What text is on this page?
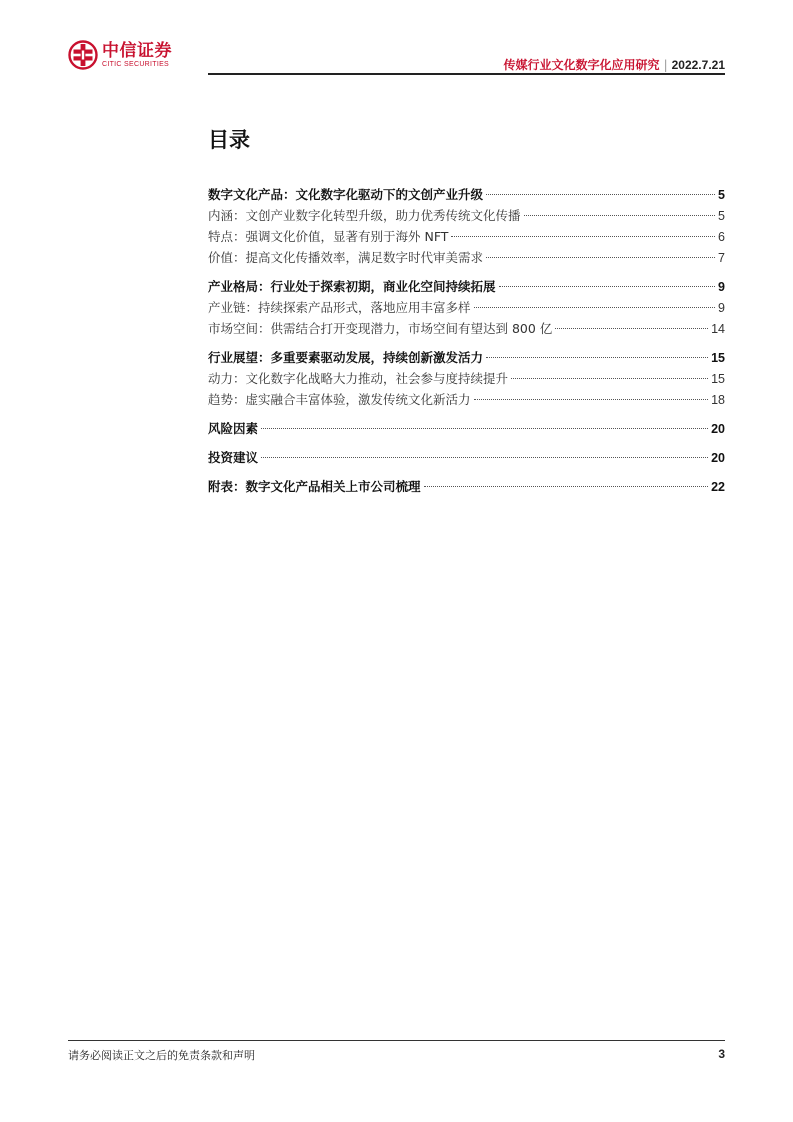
中信证券
CITIC SECURITIES	传媒行业文化数字化应用研究 | 2022.7.21
目录
数字文化产品：文化数字化驱动下的文创产业升级	5
内涵：文创产业数字化转型升级，助力优秀传统文化传播	5
特点：强调文化价值，显著有别于海外 NFT	6
价值：提高文化传播效率，满足数字时代审美需求	7
产业格局：行业处于探索初期，商业化空间持续拓展	9
产业链：持续探索产品形式，落地应用丰富多样	9
市场空间：供需结合打开变现潜力，市场空间有望达到 800 亿	14
行业展望：多重要素驱动发展，持续创新激发活力	15
动力：文化数字化战略大力推动，社会参与度持续提升	15
趋势：虚实融合丰富体验，激发传统文化新活力	18
风险因素	20
投资建议	20
附表：数字文化产品相关上市公司梳理	22
请务必阅读正文之后的免责条款和声明	3
